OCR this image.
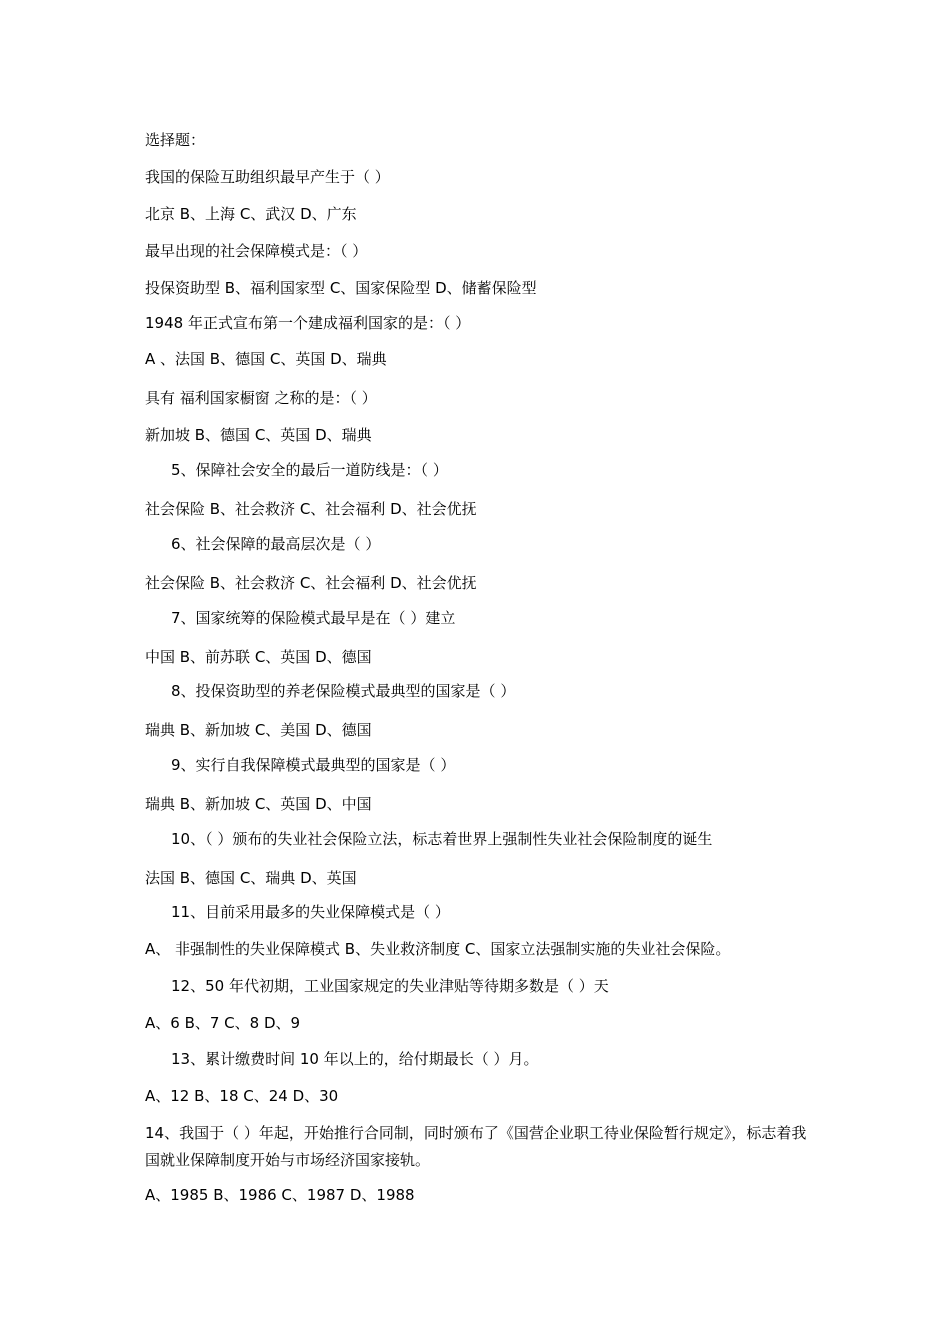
选择题：
我国的保险互助组织最早产生于（ ）
北京 B、上海 C、武汉 D、广东
最早出现的社会保障模式是：（ ）
投保资助型 B、福利国家型 C、国家保险型 D、储蓄保险型
1948 年正式宣布第一个建成福利国家的是：（ ）
A 、法国 B、德国 C、英国 D、瑞典
具有 福利国家橱窗 之称的是：（ ）
新加坡 B、德国 C、英国 D、瑞典
5、保障社会安全的最后一道防线是：（ ）
社会保险 B、社会救济 C、社会福利 D、社会优抚
6、社会保障的最高层次是（ ）
社会保险 B、社会救济 C、社会福利 D、社会优抚
7、国家统筹的保险模式最早是在（ ）建立
中国 B、前苏联 C、英国 D、德国
8、投保资助型的养老保险模式最典型的国家是（ ）
瑞典 B、新加坡 C、美国 D、德国
9、实行自我保障模式最典型的国家是（ ）
瑞典 B、新加坡 C、英国 D、中国
10、（ ）颁布的失业社会保险立法，标志着世界上强制性失业社会保险制度的诞生
法国 B、德国 C、瑞典 D、英国
11、目前采用最多的失业保障模式是（ ）
A、 非强制性的失业保障模式 B、失业救济制度 C、国家立法强制实施的失业社会保险。
12、50 年代初期，工业国家规定的失业津贴等待期多数是（ ）天
A、6 B、7 C、8 D、9
13、累计缴费时间 10 年以上的，给付期最长（ ）月。
A、12 B、18 C、24 D、30
14、我国于（ ）年起，开始推行合同制，同时颁布了《国营企业职工待业保险暂行规定》，标志着我国就业保障制度开始与市场经济国家接轨。
A、1985 B、1986 C、1987 D、1988
